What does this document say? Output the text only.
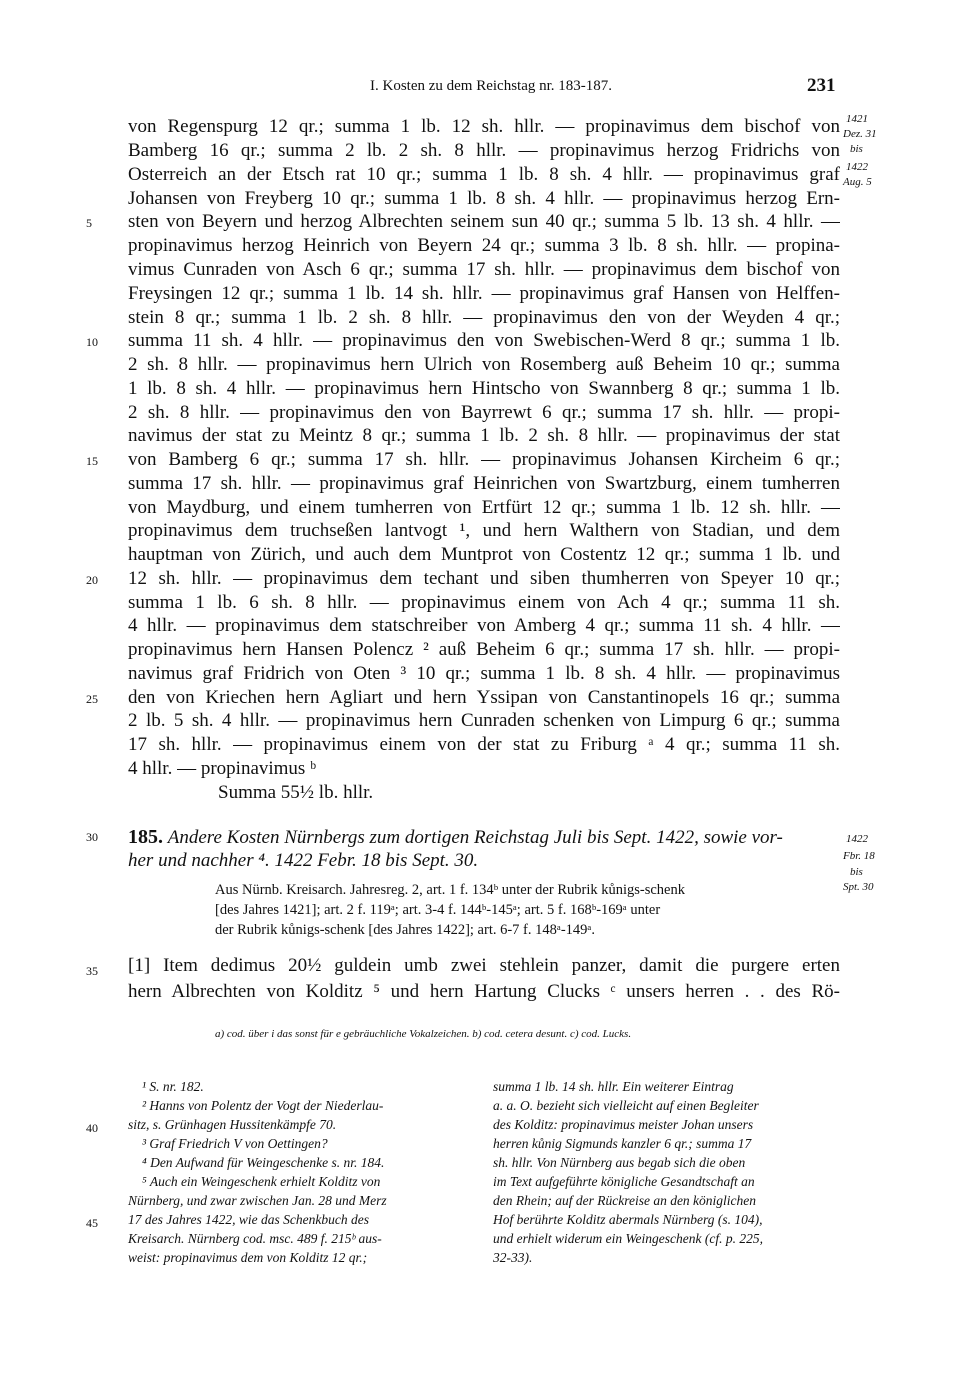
I. Kosten zu dem Reichstag nr. 183-187.	231
1421
Dez. 31
bis
1422
Aug. 5
von Regenspurg 12 qr.; summa 1 lb. 12 sh. hllr. — propinavimus dem bischof von
Bamberg 16 qr.; summa 2 lb. 2 sh. 8 hllr. — propinavimus herzog Fridrichs von
Osterreich an der Etsch rat 10 qr.; summa 1 lb. 8 sh. 4 hllr. — propinavimus graf
Johansen von Freyberg 10 qr.; summa 1 lb. 8 sh. 4 hllr. — propinavimus herzog Ern-
sten von Beyern und herzog Albrechten seinem sun 40 qr.; summa 5 lb. 13 sh. 4 hllr. —
propinavimus herzog Heinrich von Beyern 24 qr.; summa 3 lb. 8 sh. hllr. — propina-
vimus Cunraden von Asch 6 qr.; summa 17 sh. hllr. — propinavimus dem bischof von
Freysingen 12 qr.; summa 1 lb. 14 sh. hllr. — propinavimus graf Hansen von Helffen-
stein 8 qr.; summa 1 lb. 2 sh. 8 hllr. — propinavimus den von der Weyden 4 qr.;
summa 11 sh. 4 hllr. — propinavimus den von Swebischen-Werd 8 qr.; summa 1 lb.
2 sh. 8 hllr. — propinavimus hern Ulrich von Rosemberg auß Beheim 10 qr.; summa
1 lb. 8 sh. 4 hllr. — propinavimus hern Hintscho von Swannberg 8 qr.; summa 1 lb.
2 sh. 8 hllr. — propinavimus den von Bayrrewt 6 qr.; summa 17 sh. hllr. — propi-
navimus der stat zu Meintz 8 qr.; summa 1 lb. 2 sh. 8 hllr. — propinavimus der stat
von Bamberg 6 qr.; summa 17 sh. hllr. — propinavimus Johansen Kircheim 6 qr.;
summa 17 sh. hllr. — propinavimus graf Heinrichen von Swartzburg, einem tumherren
von Maydburg, und einem tumherren von Ertfürt 12 qr.; summa 1 lb. 12 sh. hllr. —
propinavimus dem truchseßen lantvogt ¹, und hern Walthern von Stadian, und dem
hauptman von Zürich, und auch dem Muntprot von Costentz 12 qr.; summa 1 lb. und
12 sh. hllr. — propinavimus dem techant und siben thumherren von Speyer 10 qr.;
summa 1 lb. 6 sh. 8 hllr. — propinavimus einem von Ach 4 qr.; summa 11 sh.
4 hllr. — propinavimus dem statschreiber von Amberg 4 qr.; summa 11 sh. 4 hllr. —
propinavimus hern Hansen Polencz ² auß Beheim 6 qr.; summa 17 sh. hllr. — propi-
navimus graf Fridrich von Oten ³ 10 qr.; summa 1 lb. 8 sh. 4 hllr. — propinavimus
den von Kriechen hern Agliart und hern Yssipan von Canstantinopels 16 qr.; summa
2 lb. 5 sh. 4 hllr. — propinavimus hern Cunraden schenken von Limpurg 6 qr.; summa
17 sh. hllr. — propinavimus einem von der stat zu Friburg ᵃ 4 qr.; summa 11 sh.
4 hllr. — propinavimus ᵇ
Summa 55½ lb. hllr.
5
10
15
20
25
30
35
40
45
185. Andere Kosten Nürnbergs zum dortigen Reichstag Juli bis Sept. 1422, sowie vor-
her und nachher ⁴. 1422 Febr. 18 bis Sept. 30.
1422
Fbr. 18
bis
Spt. 30
Aus Nürnb. Kreisarch. Jahresreg. 2, art. 1 f. 134ᵇ unter der Rubrik kůnigs-schenk
[des Jahres 1421]; art. 2 f. 119ᵃ; art. 3-4 f. 144ᵇ-145ᵃ; art. 5 f. 168ᵇ-169ᵃ unter
der Rubrik kůnigs-schenk [des Jahres 1422]; art. 6-7 f. 148ᵃ-149ᵃ.
[1] Item dedimus 20½ guldein umb zwei stehlein panzer, damit die purgere erten
hern Albrechten von Kolditz ⁵ und hern Hartung Clucks ᶜ unsers herren . . des Rö-
a) cod. über i das sonst für e gebräuchliche Vokalzeichen. b) cod. cetera desunt. c) cod. Lucks.
¹ S. nr. 182.
² Hanns von Polentz der Vogt der Niederlau-
sitz, s. Grünhagen Hussitenkämpfe 70.
³ Graf Friedrich V von Oettingen?
⁴ Den Aufwand für Weingeschenke s. nr. 184.
⁵ Auch ein Weingeschenk erhielt Kolditz von
Nürnberg, und zwar zwischen Jan. 28 und Merz
17 des Jahres 1422, wie das Schenkbuch des
Kreisarch. Nürnberg cod. msc. 489 f. 215ᵇ aus-
weist: propinavimus dem von Kolditz 12 qr.;
summa 1 lb. 14 sh. hllr. Ein weiterer Eintrag
a. a. O. bezieht sich vielleicht auf einen Begleiter
des Kolditz: propinavimus meister Johan unsers
herren kůnig Sigmunds kanzler 6 qr.; summa 17
sh. hllr. Von Nürnberg aus begab sich die oben
im Text aufgeführte königliche Gesandtschaft an
den Rhein; auf der Rückreise an den königlichen
Hof berührte Kolditz abermals Nürnberg (s. 104),
und erhielt widerum ein Weingeschenk (cf. p. 225,
32-33).
